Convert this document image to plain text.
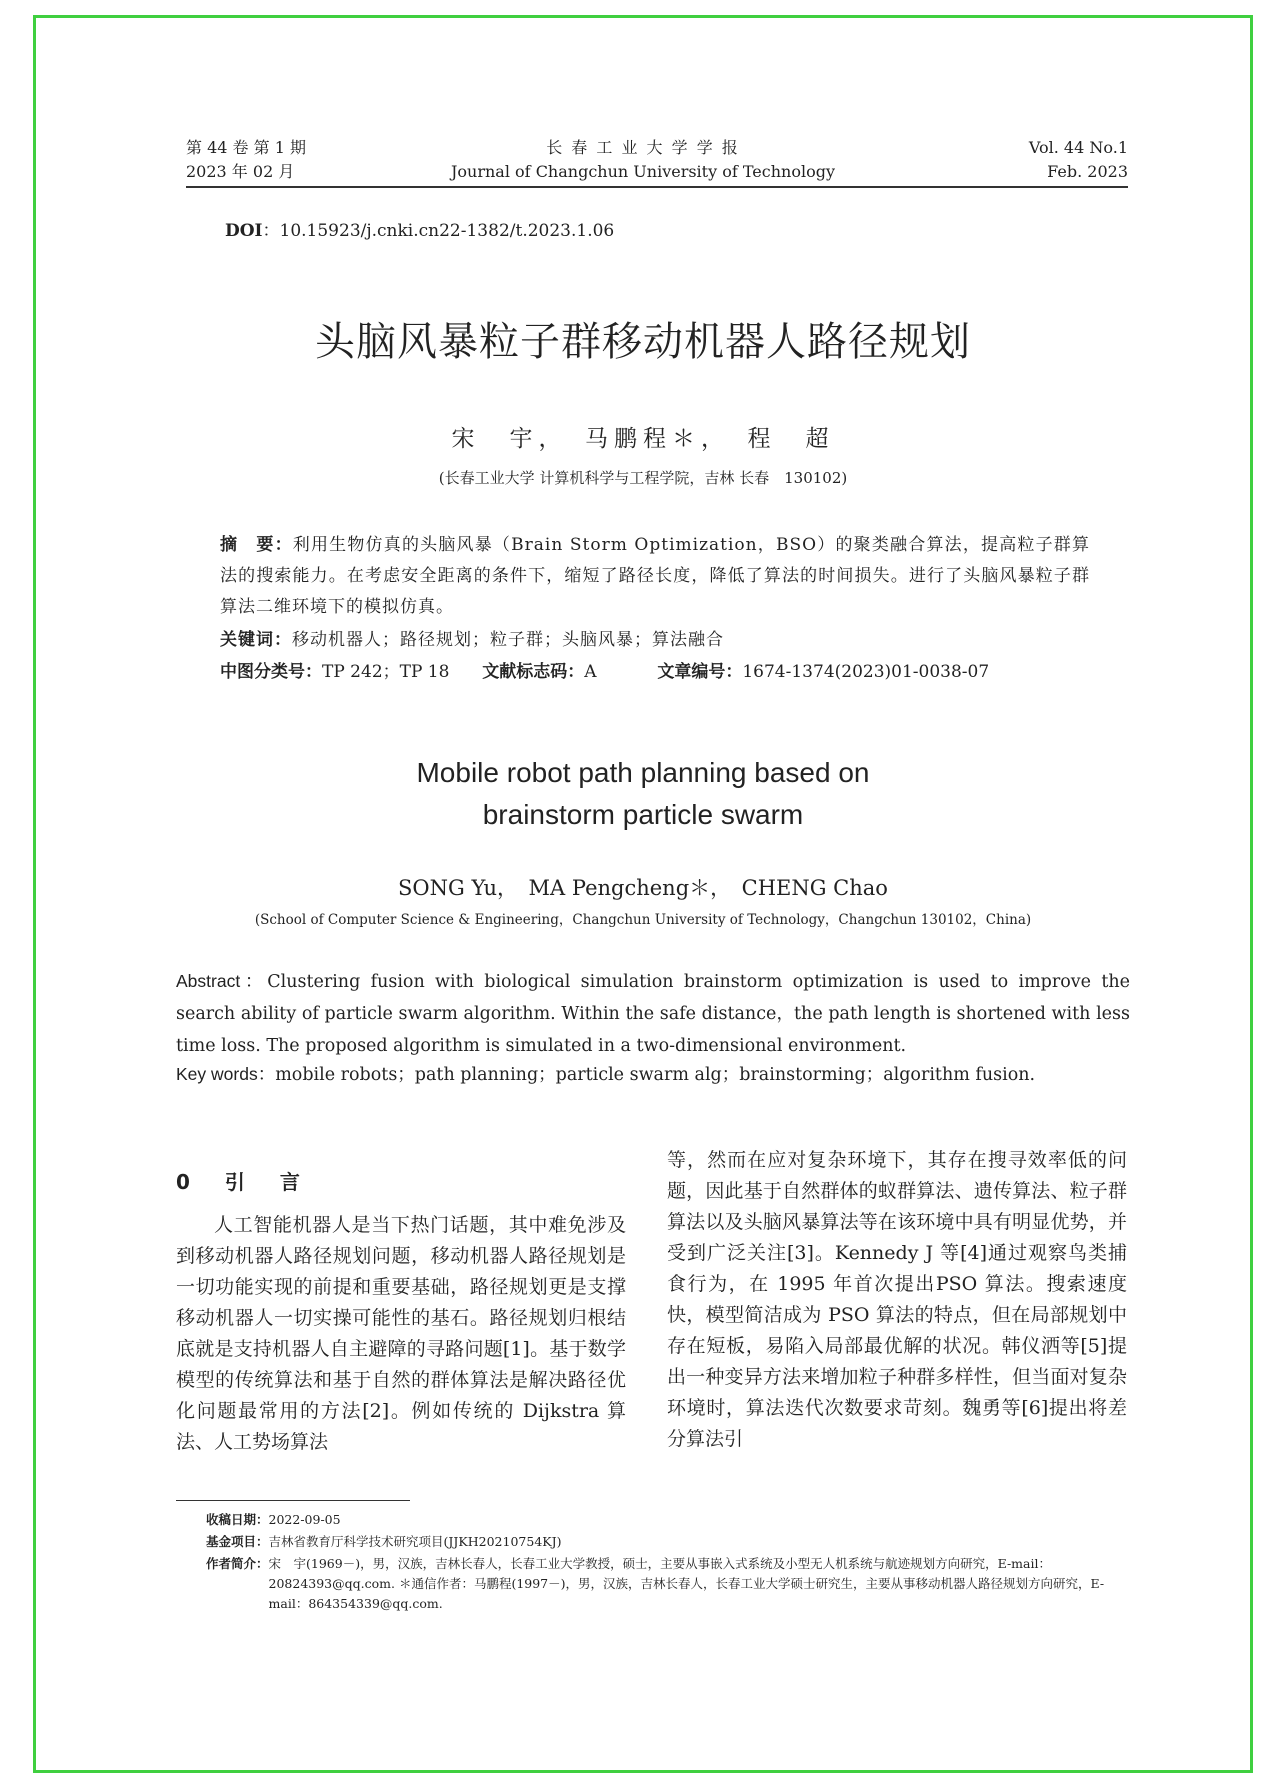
第 44 卷 第 1 期
2023 年 02 月
长 春 工 业 大 学 学 报
Journal of Changchun University of Technology
Vol. 44 No.1
Feb. 2023
DOI：10.15923/j.cnki.cn22-1382/t.2023.1.06
头脑风暴粒子群移动机器人路径规划
宋　宇，　马鹏程＊，　程　超
(长春工业大学 计算机科学与工程学院，吉林 长春　130102)
摘　要：利用生物仿真的头脑风暴（Brain Storm Optimization，BSO）的聚类融合算法，提高粒子群算法的搜索能力。在考虑安全距离的条件下，缩短了路径长度，降低了算法的时间损失。进行了头脑风暴粒子群算法二维环境下的模拟仿真。
关键词：移动机器人；路径规划；粒子群；头脑风暴；算法融合
中图分类号：TP 242；TP 18 文献标志码：A	文章编号：1674-1374(2023)01-0038-07
Mobile robot path planning based on
brainstorm particle swarm
SONG Yu，　MA Pengcheng＊，　CHENG Chao
(School of Computer Science & Engineering，Changchun University of Technology，Changchun 130102，China)
Abstract：Clustering fusion with biological simulation brainstorm optimization is used to improve the search ability of particle swarm algorithm. Within the safe distance，the path length is shortened with less time loss. The proposed algorithm is simulated in a two-dimensional environment.
Key words：mobile robots；path planning；particle swarm alg；brainstorming；algorithm fusion.
0 引 言
人工智能机器人是当下热门话题，其中难免涉及到移动机器人路径规划问题，移动机器人路径规划是一切功能实现的前提和重要基础，路径规划更是支撑移动机器人一切实操可能性的基石。路径规划归根结底就是支持机器人自主避障的寻路问题[1]。基于数学模型的传统算法和基于自然的群体算法是解决路径优化问题最常用的方法[2]。例如传统的 Dijkstra 算法、人工势场算法
等，然而在应对复杂环境下，其存在搜寻效率低的问题，因此基于自然群体的蚁群算法、遗传算法、粒子群算法以及头脑风暴算法等在该环境中具有明显优势，并受到广泛关注[3]。Kennedy J 等[4]通过观察鸟类捕食行为，在 1995 年首次提出PSO 算法。搜索速度快，模型简洁成为 PSO 算法的特点，但在局部规划中存在短板，易陷入局部最优解的状况。韩仪洒等[5]提出一种变异方法来增加粒子种群多样性，但当面对复杂环境时，算法迭代次数要求苛刻。魏勇等[6]提出将差分算法引
收稿日期：2022-09-05
基金项目：吉林省教育厅科学技术研究项目(JJKH20210754KJ)
作者简介：宋　宇(1969－)，男，汉族，吉林长春人，长春工业大学教授，硕士，主要从事嵌入式系统及小型无人机系统与航迹规划方向研究，E-mail：20824393@qq.com. ＊通信作者：马鹏程(1997－)，男，汉族，吉林长春人，长春工业大学硕士研究生，主要从事移动机器人路径规划方向研究，E-mail：864354339@qq.com.
